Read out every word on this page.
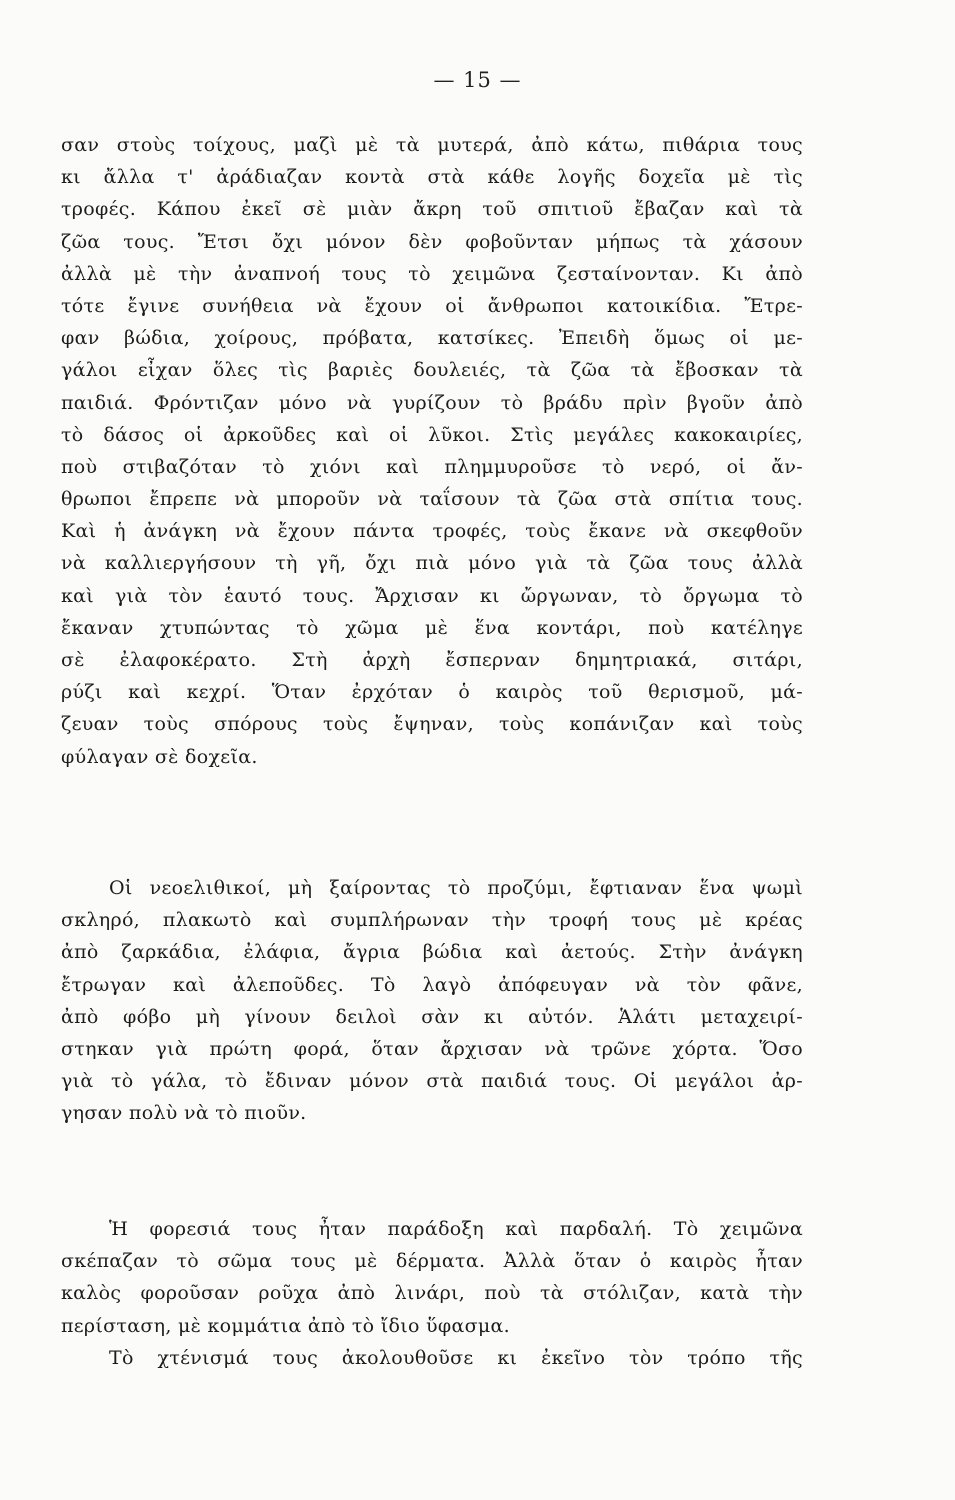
— 15 —
σαν στοὺς τοίχους, μαζὶ μὲ τὰ μυτερά, ἀπὸ κάτω, πιθάρια τους
κι ἄλλα τ' ἀράδιαζαν κοντὰ στὰ κάθε λογῆς δοχεῖα μὲ τὶς
τροφές. Κάπου ἐκεῖ σὲ μιὰν ἄκρη τοῦ σπιτιοῦ ἔβαζαν καὶ τὰ
ζῶα τους. Ἔτσι ὄχι μόνον δὲν φοβοῦνταν μήπως τὰ χάσουν
ἀλλὰ μὲ τὴν ἀναπνοή τους τὸ χειμῶνα ζεσταίνονταν. Κι ἀπὸ
τότε ἔγινε συνήθεια νὰ ἔχουν οἱ ἄνθρωποι κατοικίδια. Ἔτρε-
φαν βώδια, χοίρους, πρόβατα, κατσίκες. Ἐπειδὴ ὅμως οἱ με-
γάλοι εἶχαν ὅλες τὶς βαριὲς δουλειές, τὰ ζῶα τὰ ἔβοσκαν τὰ
παιδιά. Φρόντιζαν μόνο νὰ γυρίζουν τὸ βράδυ πρὶν βγοῦν ἀπὸ
τὸ δάσος οἱ ἀρκοῦδες καὶ οἱ λῦκοι. Στὶς μεγάλες κακοκαιρίες,
ποὺ στιβαζόταν τὸ χιόνι καὶ πλημμυροῦσε τὸ νερό, οἱ ἄν-
θρωποι ἔπρεπε νὰ μποροῦν νὰ ταΐσουν τὰ ζῶα στὰ σπίτια τους.
Καὶ ἡ ἀνάγκη νὰ ἔχουν πάντα τροφές, τοὺς ἔκανε νὰ σκεφθοῦν
νὰ καλλιεργήσουν τὴ γῆ, ὄχι πιὰ μόνο γιὰ τὰ ζῶα τους ἀλλὰ
καὶ γιὰ τὸν ἑαυτό τους. Ἄρχισαν κι ὤργωναν, τὸ ὄργωμα τὸ
ἔκαναν χτυπώντας τὸ χῶμα μὲ ἕνα κοντάρι, ποὺ κατέληγε
σὲ ἐλαφοκέρατο. Στὴ ἀρχὴ ἔσπερναν δημητριακά, σιτάρι,
ρύζι καὶ κεχρί. Ὅταν ἐρχόταν ὁ καιρὸς τοῦ θερισμοῦ, μά-
ζευαν τοὺς σπόρους τοὺς ἔψηναν, τοὺς κοπάνιζαν καὶ τοὺς
φύλαγαν σὲ δοχεῖα.
Οἱ νεοελιθικοί, μὴ ξαίροντας τὸ προζύμι, ἔφτιαναν ἕνα ψωμὶ
σκληρό, πλακωτὸ καὶ συμπλήρωναν τὴν τροφή τους μὲ κρέας
ἀπὸ ζαρκάδια, ἐλάφια, ἄγρια βώδια καὶ ἀετούς. Στὴν ἀνάγκη
ἔτρωγαν καὶ ἀλεποῦδες. Τὸ λαγὸ ἀπόφευγαν νὰ τὸν φᾶνε,
ἀπὸ φόβο μὴ γίνουν δειλοὶ σὰν κι αὐτόν. Ἁλάτι μεταχειρί-
στηκαν γιὰ πρώτη φορά, ὅταν ἄρχισαν νὰ τρῶνε χόρτα. Ὅσο
γιὰ τὸ γάλα, τὸ ἔδιναν μόνον στὰ παιδιά τους. Οἱ μεγάλοι ἀρ-
γησαν πολὺ νὰ τὸ πιοῦν.
Ἡ φορεσιά τους ἦταν παράδοξη καὶ παρδαλή. Τὸ χειμῶνα
σκέπαζαν τὸ σῶμα τους μὲ δέρματα. Ἀλλὰ ὅταν ὁ καιρὸς ἦταν
καλὸς φοροῦσαν ροῦχα ἀπὸ λινάρι, ποὺ τὰ στόλιζαν, κατὰ τὴν
περίσταση, μὲ κομμάτια ἀπὸ τὸ ἴδιο ὕφασμα.
Τὸ χτένισμά τους ἀκολουθοῦσε κι ἐκεῖνο τὸν τρόπο τῆς
